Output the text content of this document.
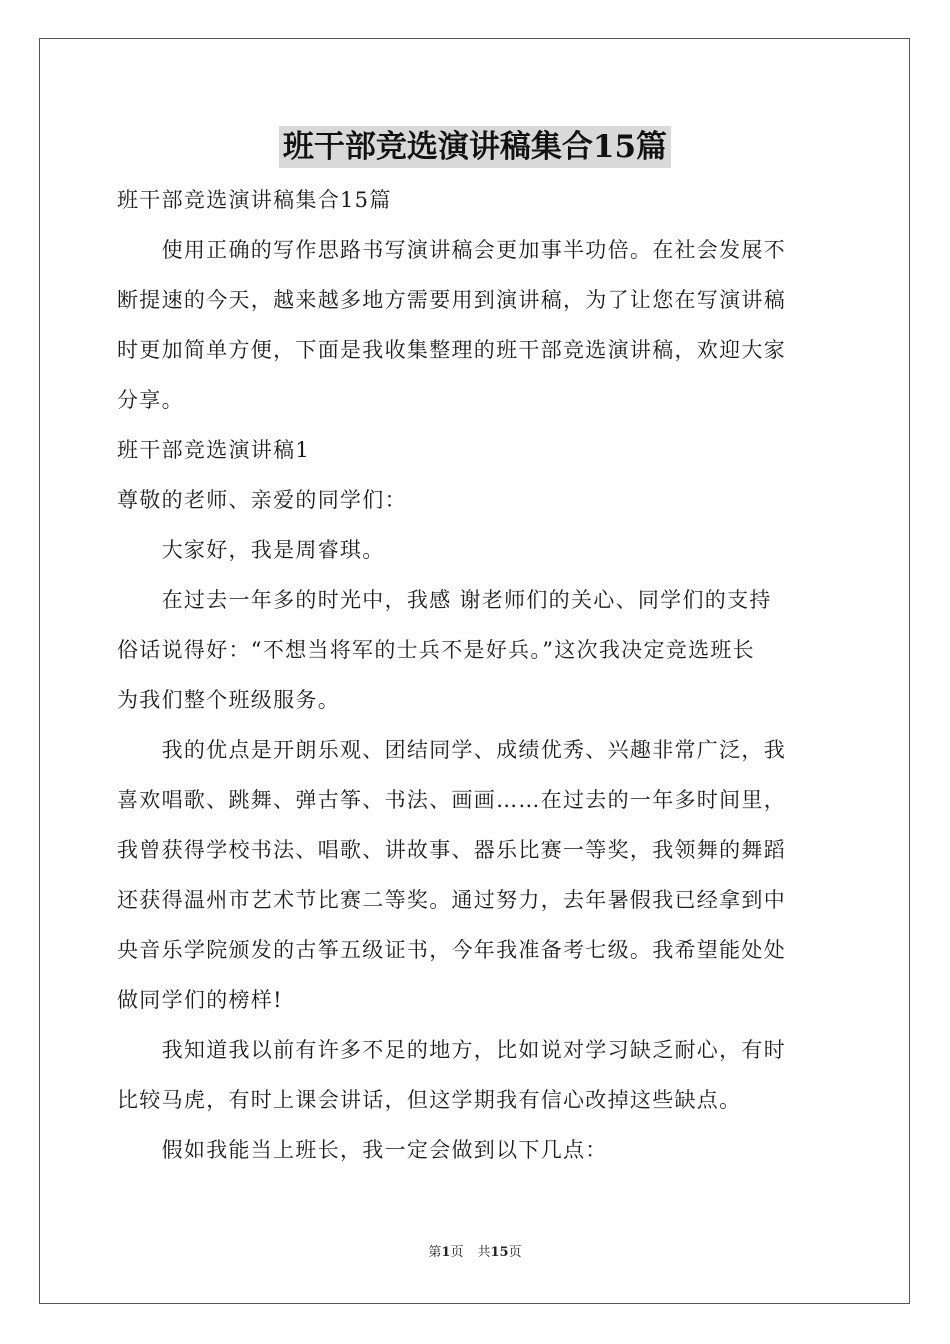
班干部竞选演讲稿集合15篇
班干部竞选演讲稿集合15篇
　　使用正确的写作思路书写演讲稿会更加事半功倍。在社会发展不
断提速的今天，越来越多地方需要用到演讲稿，为了让您在写演讲稿
时更加简单方便，下面是我收集整理的班干部竞选演讲稿，欢迎大家
分享。
班干部竞选演讲稿1
尊敬的老师、亲爱的同学们：
　　大家好，我是周睿琪。
　　在过去一年多的时光中，我感 谢老师们的关心、同学们的支持
俗话说得好：“不想当将军的士兵不是好兵。”这次我决定竞选班长
为我们整个班级服务。
　　我的优点是开朗乐观、团结同学、成绩优秀、兴趣非常广泛，我
喜欢唱歌、跳舞、弹古筝、书法、画画……在过去的一年多时间里，
我曾获得学校书法、唱歌、讲故事、器乐比赛一等奖，我领舞的舞蹈
还获得温州市艺术节比赛二等奖。通过努力，去年暑假我已经拿到中
央音乐学院颁发的古筝五级证书，今年我准备考七级。我希望能处处
做同学们的榜样!
　　我知道我以前有许多不足的地方，比如说对学习缺乏耐心，有时
比较马虎，有时上课会讲话，但这学期我有信心改掉这些缺点。
　　假如我能当上班长，我一定会做到以下几点：
第1页 共15页
